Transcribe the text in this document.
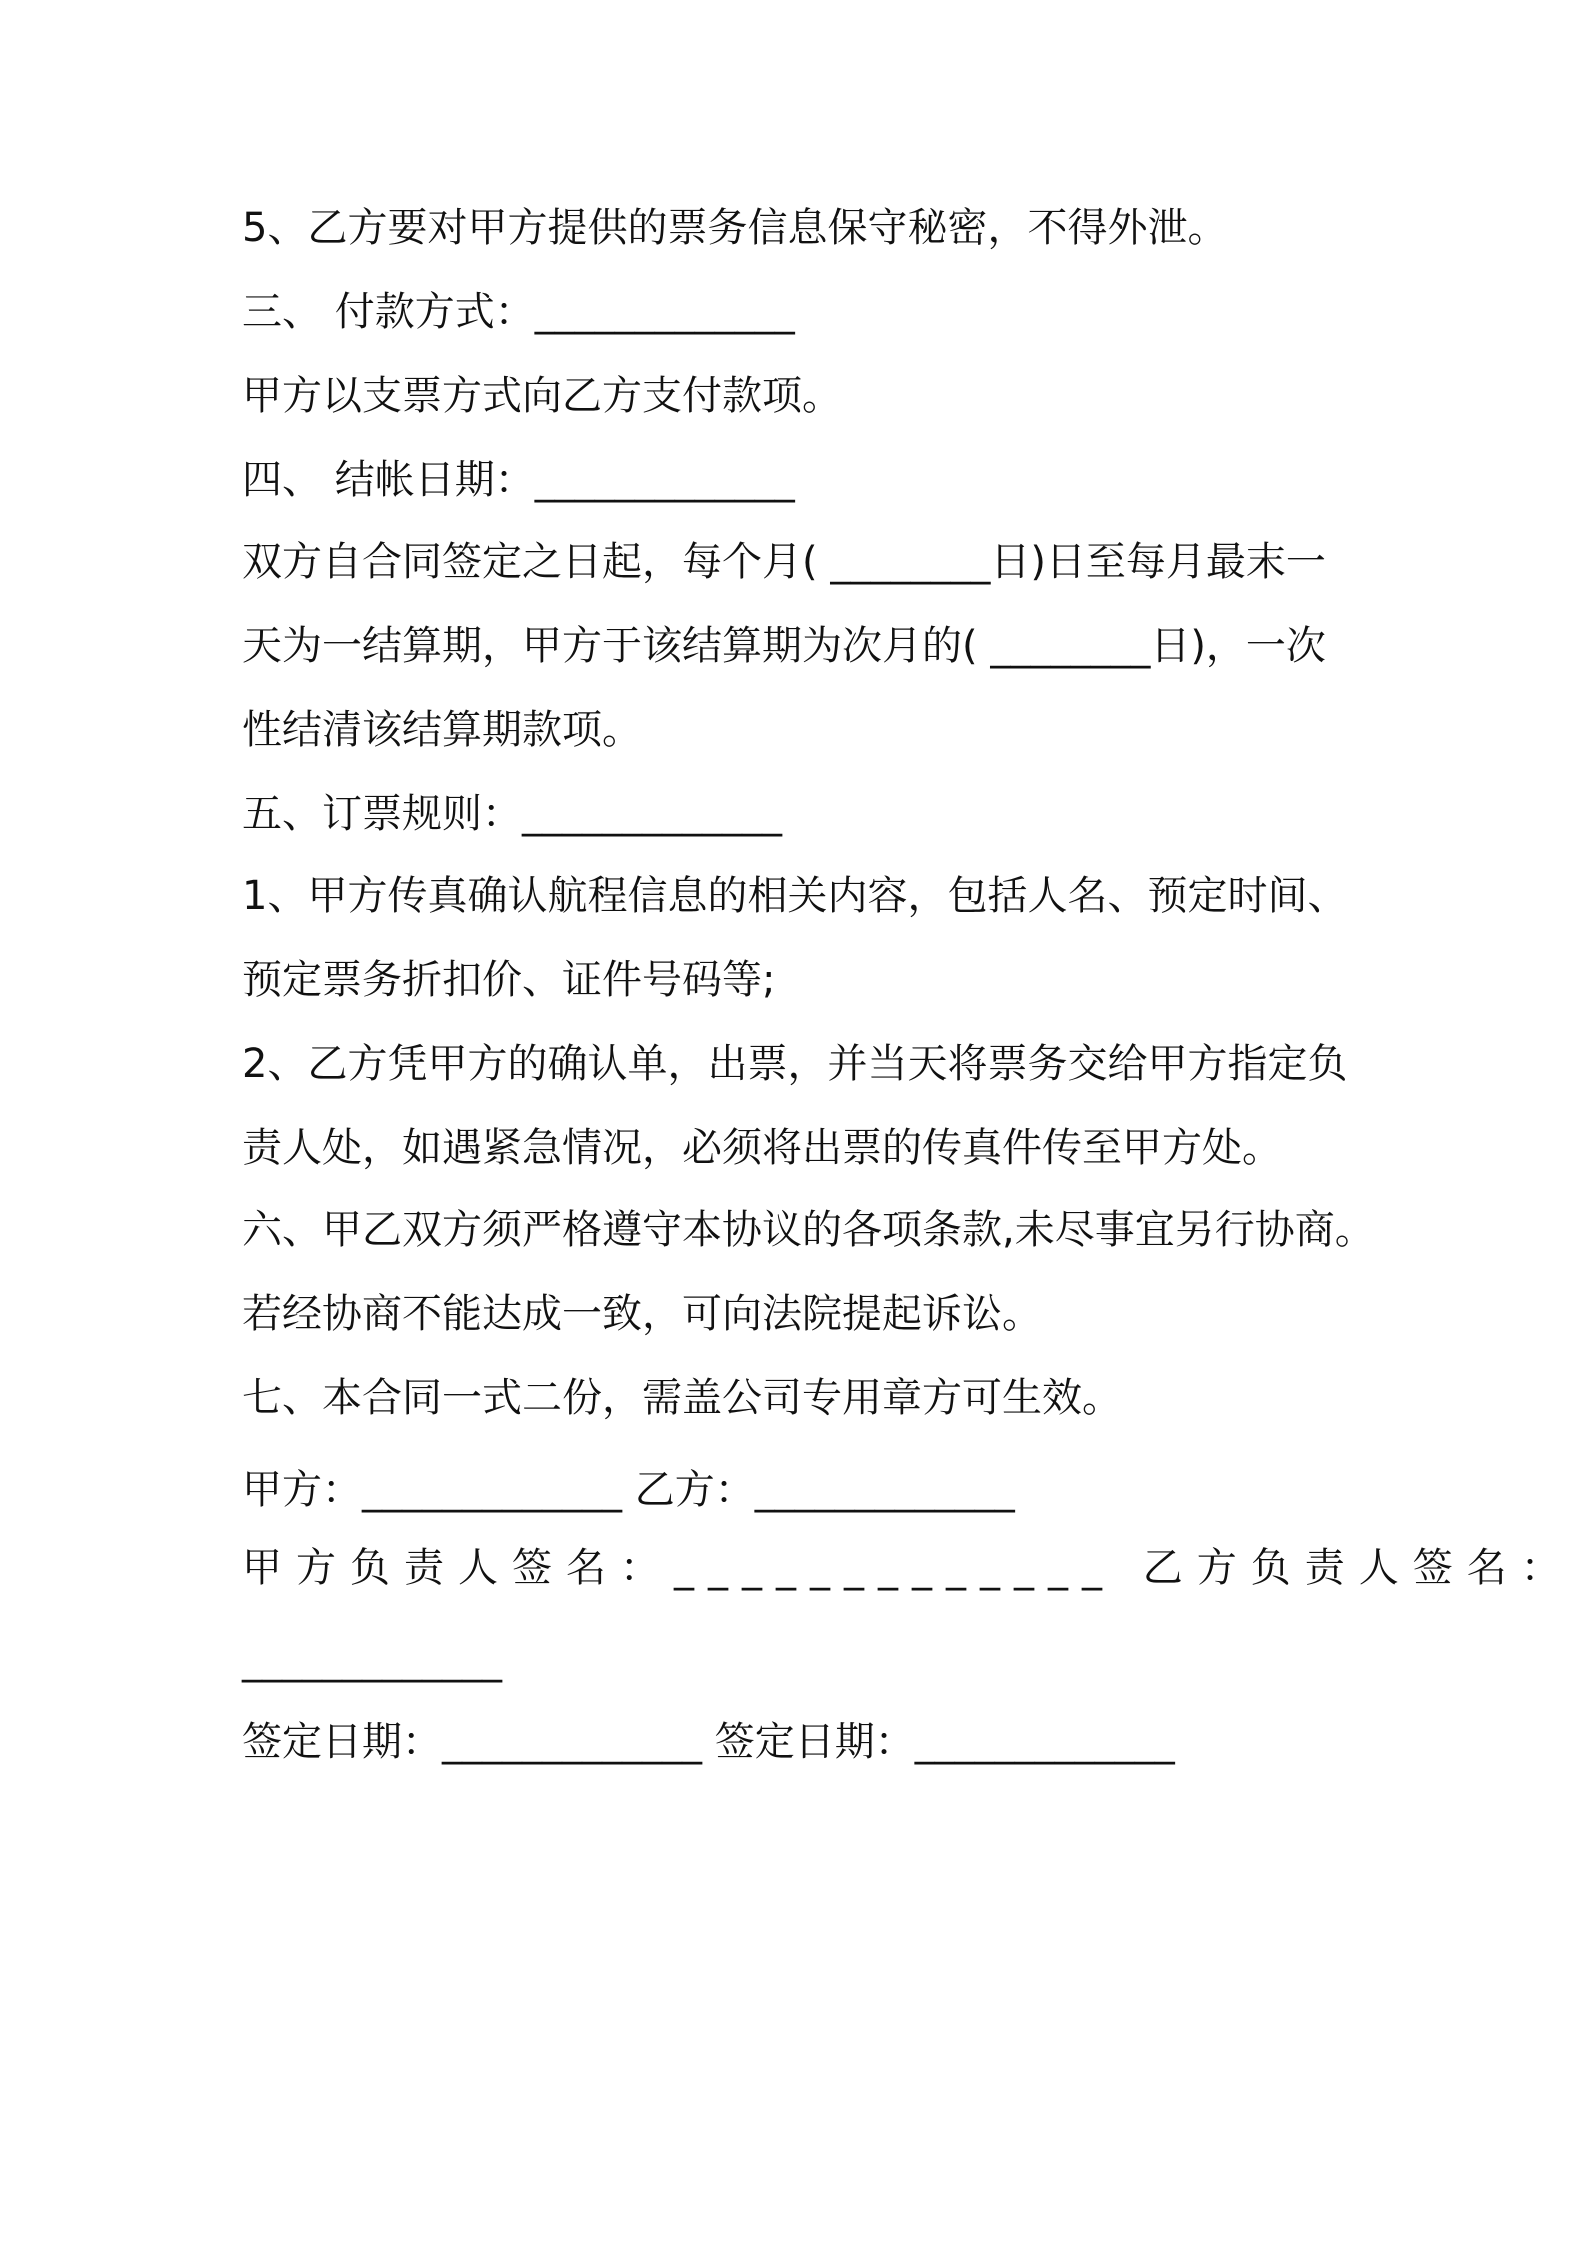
5、乙方要对甲方提供的票务信息保守秘密，不得外泄。

三、 付款方式：_____________

甲方以支票方式向乙方支付款项。

四、 结帐日期：_____________

双方自合同签定之日起，每个月( ________日)日至每月最末一

天为一结算期，甲方于该结算期为次月的( ________日)，一次

性结清该结算期款项。

五、订票规则：_____________

1、甲方传真确认航程信息的相关内容，包括人名、预定时间、

预定票务折扣价、证件号码等;

2、乙方凭甲方的确认单，出票，并当天将票务交给甲方指定负

责人处，如遇紧急情况，必须将出票的传真件传至甲方处。

六、甲乙双方须严格遵守本协议的各项条款,未尽事宜另行协商。

若经协商不能达成一致，可向法院提起诉讼。

七、本合同一式二份，需盖公司专用章方可生效。

甲方：_____________ 乙方：_____________

甲方负责人签名：_____________ 乙方负责人签名：

_____________

签定日期：_____________ 签定日期：_____________
